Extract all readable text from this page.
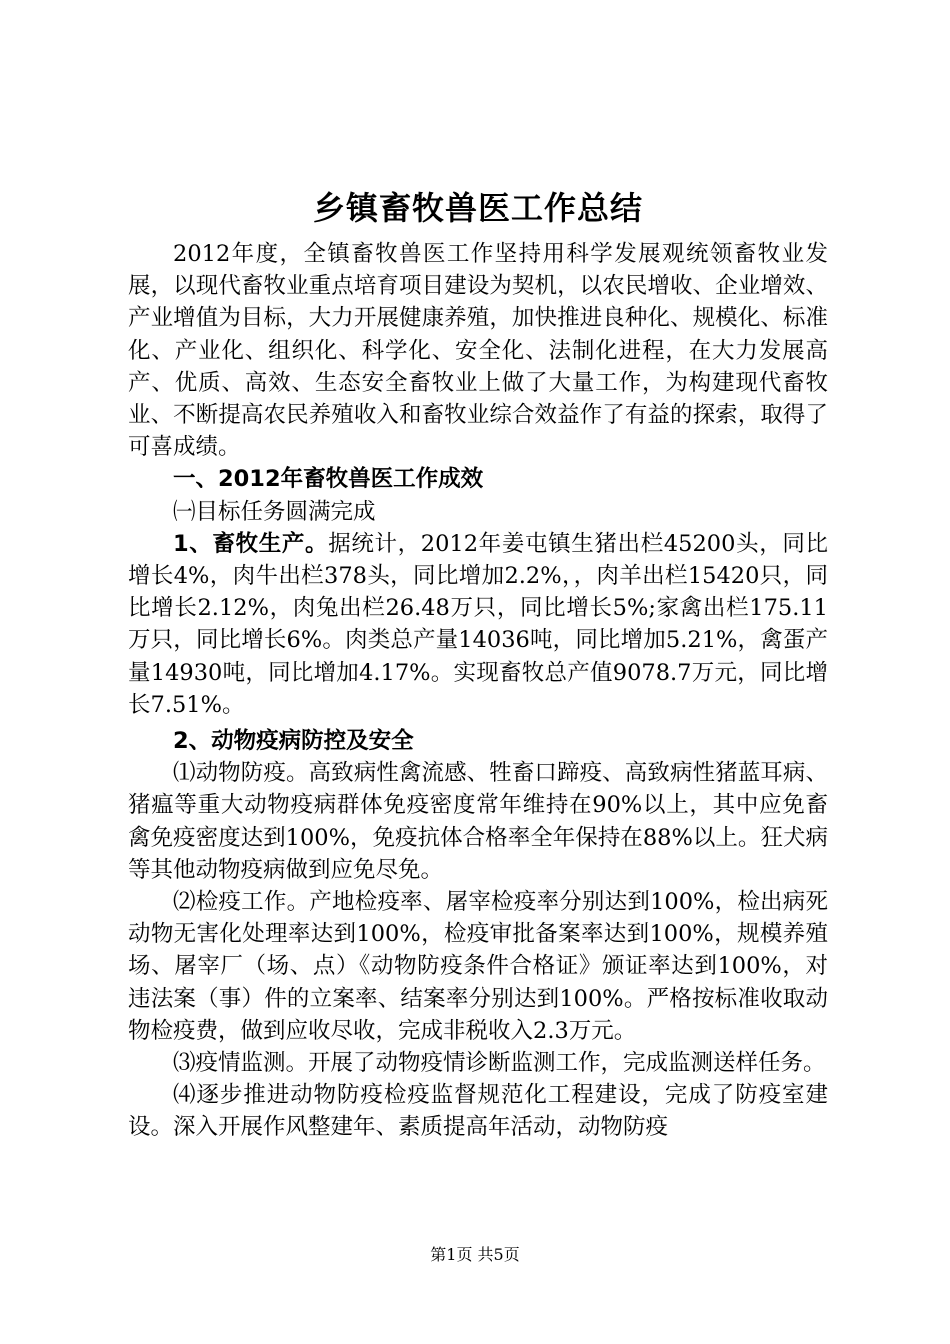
乡镇畜牧兽医工作总结

2012年度，全镇畜牧兽医工作坚持用科学发展观统领畜牧业发展，以现代畜牧业重点培育项目建设为契机，以农民增收、企业增效、产业增值为目标，大力开展健康养殖，加快推进良种化、规模化、标准化、产业化、组织化、科学化、安全化、法制化进程，在大力发展高产、优质、高效、生态安全畜牧业上做了大量工作，为构建现代畜牧业、不断提高农民养殖收入和畜牧业综合效益作了有益的探索，取得了可喜成绩。

一、2012年畜牧兽医工作成效

㈠目标任务圆满完成

1、畜牧生产。据统计，2012年姜屯镇生猪出栏45200头，同比增长4%，肉牛出栏378头，同比增加2.2%，，肉羊出栏15420只，同比增长2.12%，肉兔出栏26.48万只，同比增长5%;家禽出栏175.11万只，同比增长6%。肉类总产量14036吨，同比增加5.21%，禽蛋产量14930吨，同比增加4.17%。实现畜牧总产值9078.7万元，同比增长7.51%。

2、动物疫病防控及安全

⑴动物防疫。高致病性禽流感、牲畜口蹄疫、高致病性猪蓝耳病、猪瘟等重大动物疫病群体免疫密度常年维持在90%以上，其中应免畜禽免疫密度达到100%，免疫抗体合格率全年保持在88%以上。狂犬病等其他动物疫病做到应免尽免。

⑵检疫工作。产地检疫率、屠宰检疫率分别达到100%，检出病死动物无害化处理率达到100%，检疫审批备案率达到100%，规模养殖场、屠宰厂（场、点）《动物防疫条件合格证》颁证率达到100%，对违法案（事）件的立案率、结案率分别达到100%。严格按标准收取动物检疫费，做到应收尽收，完成非税收入2.3万元。

⑶疫情监测。开展了动物疫情诊断监测工作，完成监测送样任务。

⑷逐步推进动物防疫检疫监督规范化工程建设，完成了防疫室建设。深入开展作风整建年、素质提高年活动，动物防疫

第1页 共5页
